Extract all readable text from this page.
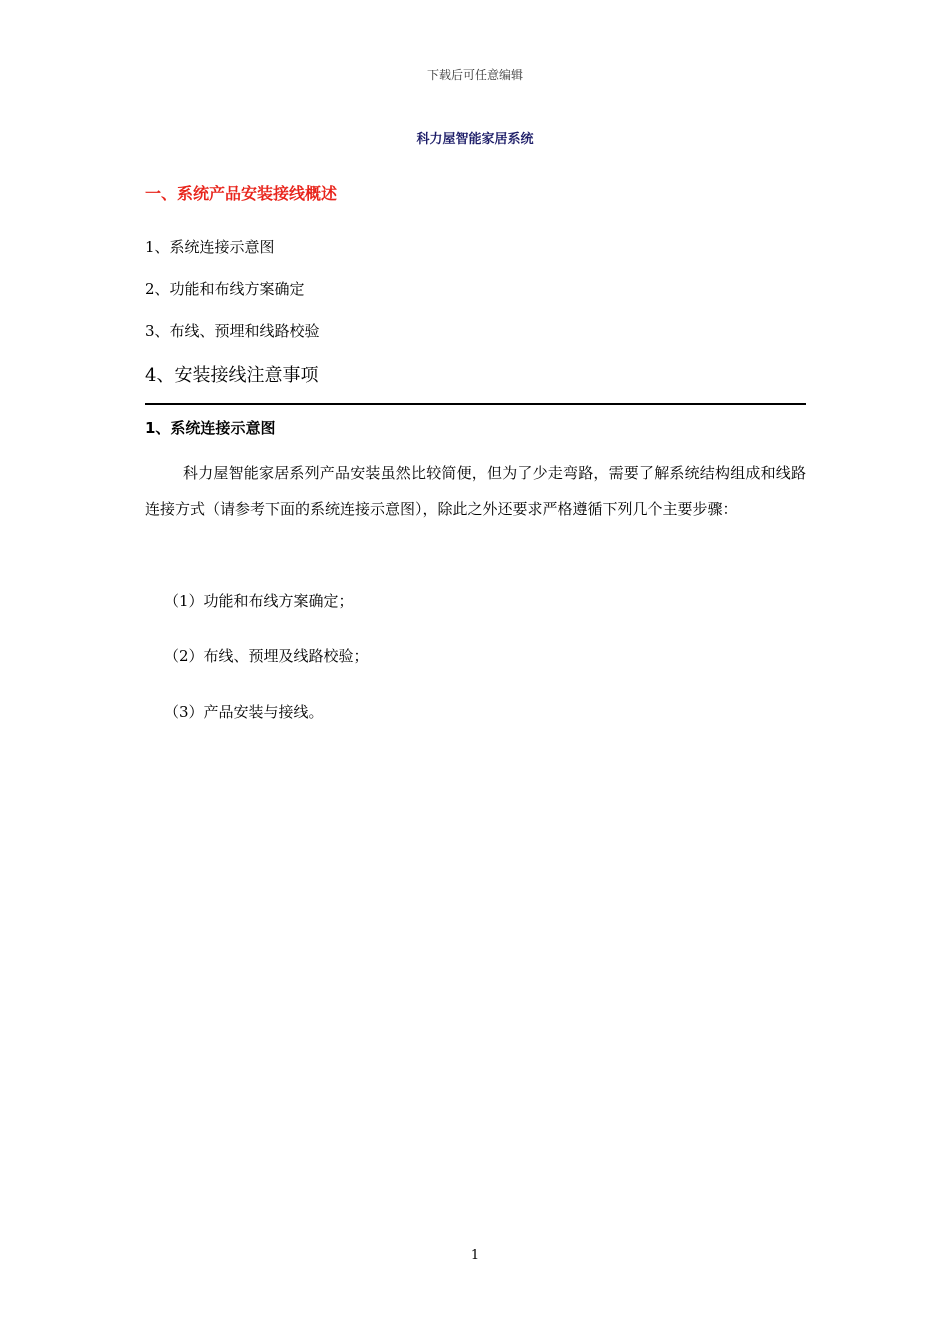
下载后可任意编辑
科力屋智能家居系统
一、系统产品安装接线概述
1、系统连接示意图
2、功能和布线方案确定
3、布线、预埋和线路校验
4、安装接线注意事项
1、系统连接示意图
科力屋智能家居系列产品安装虽然比较简便，但为了少走弯路，需要了解系统结构组成和线路连接方式（请参考下面的系统连接示意图），除此之外还要求严格遵循下列几个主要步骤：
（1）功能和布线方案确定；
（2）布线、预埋及线路校验；
（3）产品安装与接线。
1
